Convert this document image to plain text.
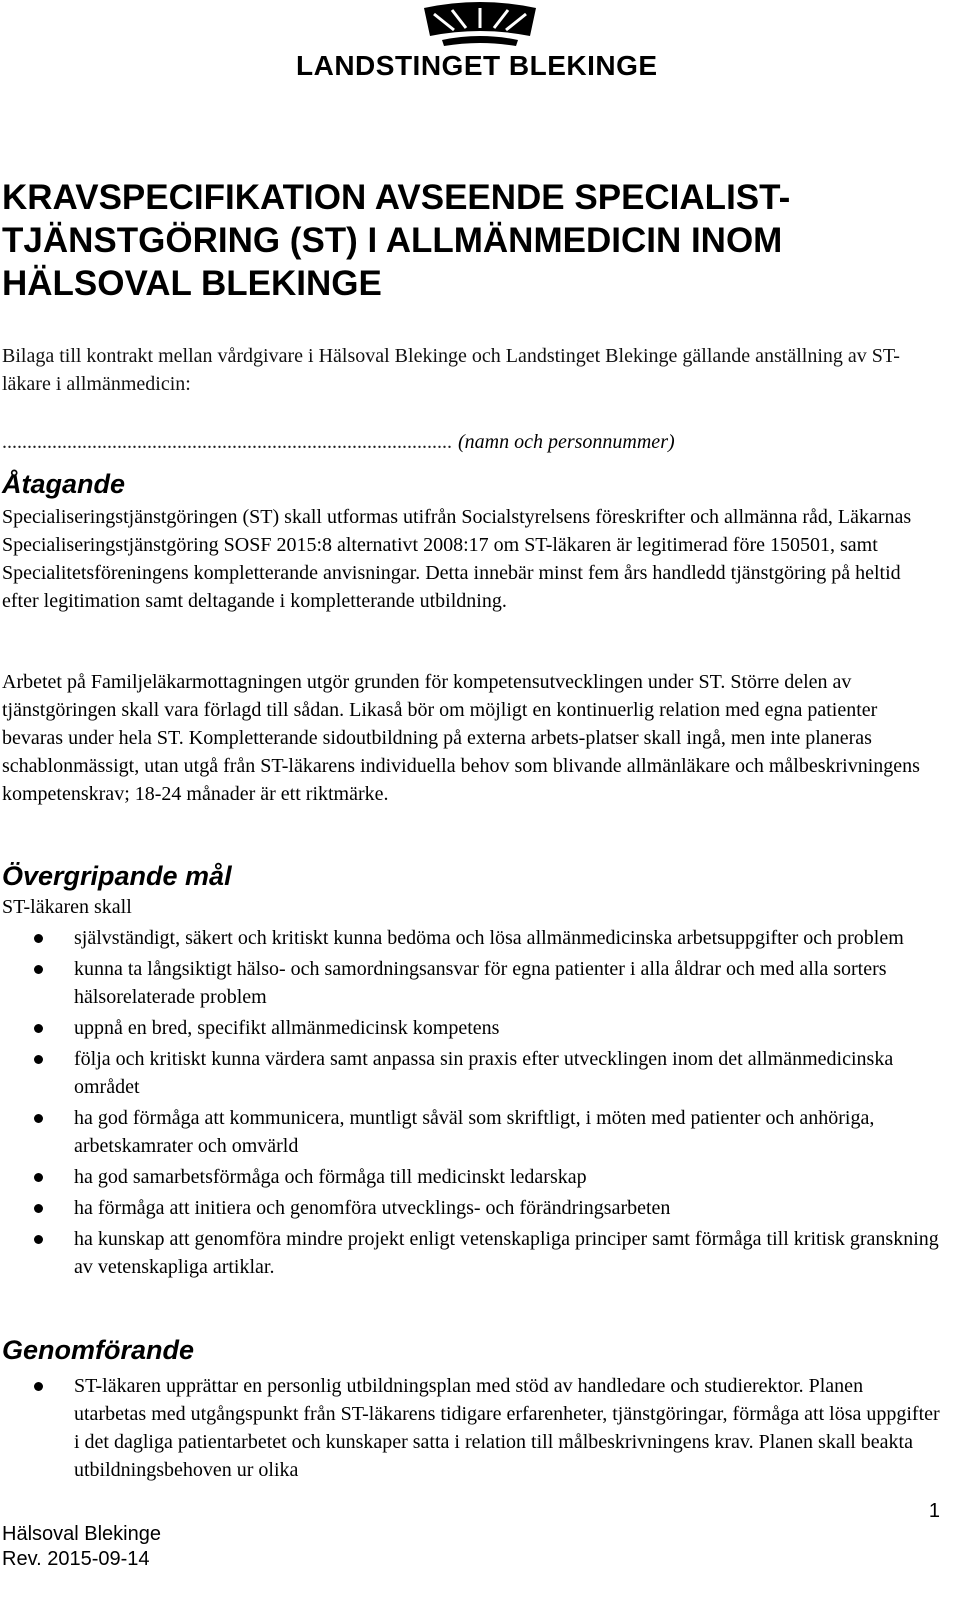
LANDSTINGET BLEKINGE
KRAVSPECIFIKATION AVSEENDE SPECIALIST-
TJÄNSTGÖRING (ST) I ALLMÄNMEDICIN INOM
HÄLSOVAL BLEKINGE

Bilaga till kontrakt mellan vårdgivare i Hälsoval Blekinge och Landstinget Blekinge gällande anställning av ST-läkare i allmänmedicin:

.......................................................................................... (namn och personnummer)

Åtagande

Specialiseringstjänstgöringen (ST) skall utformas utifrån Socialstyrelsens föreskrifter och allmänna råd, Läkarnas Specialiseringstjänstgöring SOSF 2015:8 alternativt 2008:17 om ST-läkaren är legitimerad före 150501, samt Specialitetsföreningens kompletterande anvisningar. Detta innebär minst fem års handledd tjänstgöring på heltid efter legitimation samt deltagande i kompletterande utbildning.

Arbetet på Familjeläkarmottagningen utgör grunden för kompetensutvecklingen under ST. Större delen av tjänstgöringen skall vara förlagd till sådan. Likaså bör om möjligt en kontinuerlig relation med egna patienter bevaras under hela ST. Kompletterande sidoutbildning på externa arbets-platser skall ingå, men inte planeras schablonmässigt, utan utgå från ST-läkarens individuella behov som blivande allmänläkare och målbeskrivningens kompetenskrav; 18-24 månader är ett riktmärke.

Övergripande mål

ST-läkaren skall

självständigt, säkert och kritiskt kunna bedöma och lösa allmänmedicinska arbetsuppgifter och problem
kunna ta långsiktigt hälso- och samordningsansvar för egna patienter i alla åldrar och med alla sorters hälsorelaterade problem
uppnå en bred, specifikt allmänmedicinsk kompetens
följa och kritiskt kunna värdera samt anpassa sin praxis efter utvecklingen inom det allmänmedicinska området
ha god förmåga att kommunicera, muntligt såväl som skriftligt, i möten med patienter och anhöriga, arbetskamrater och omvärld
ha god samarbetsförmåga och förmåga till medicinskt ledarskap
ha förmåga att initiera och genomföra utvecklings- och förändringsarbeten
ha kunskap att genomföra mindre projekt enligt vetenskapliga principer samt förmåga till kritisk granskning av vetenskapliga artiklar.
Genomförande
ST-läkaren upprättar en personlig utbildningsplan med stöd av handledare och studierektor. Planen utarbetas med utgångspunkt från ST-läkarens tidigare erfarenheter, tjänstgöringar, förmåga att lösa uppgifter i det dagliga patientarbetet och kunskaper satta i relation till målbeskrivningens krav. Planen skall beakta utbildningsbehoven ur olika
Hälsoval Blekinge
Rev. 2015-09-14
1
